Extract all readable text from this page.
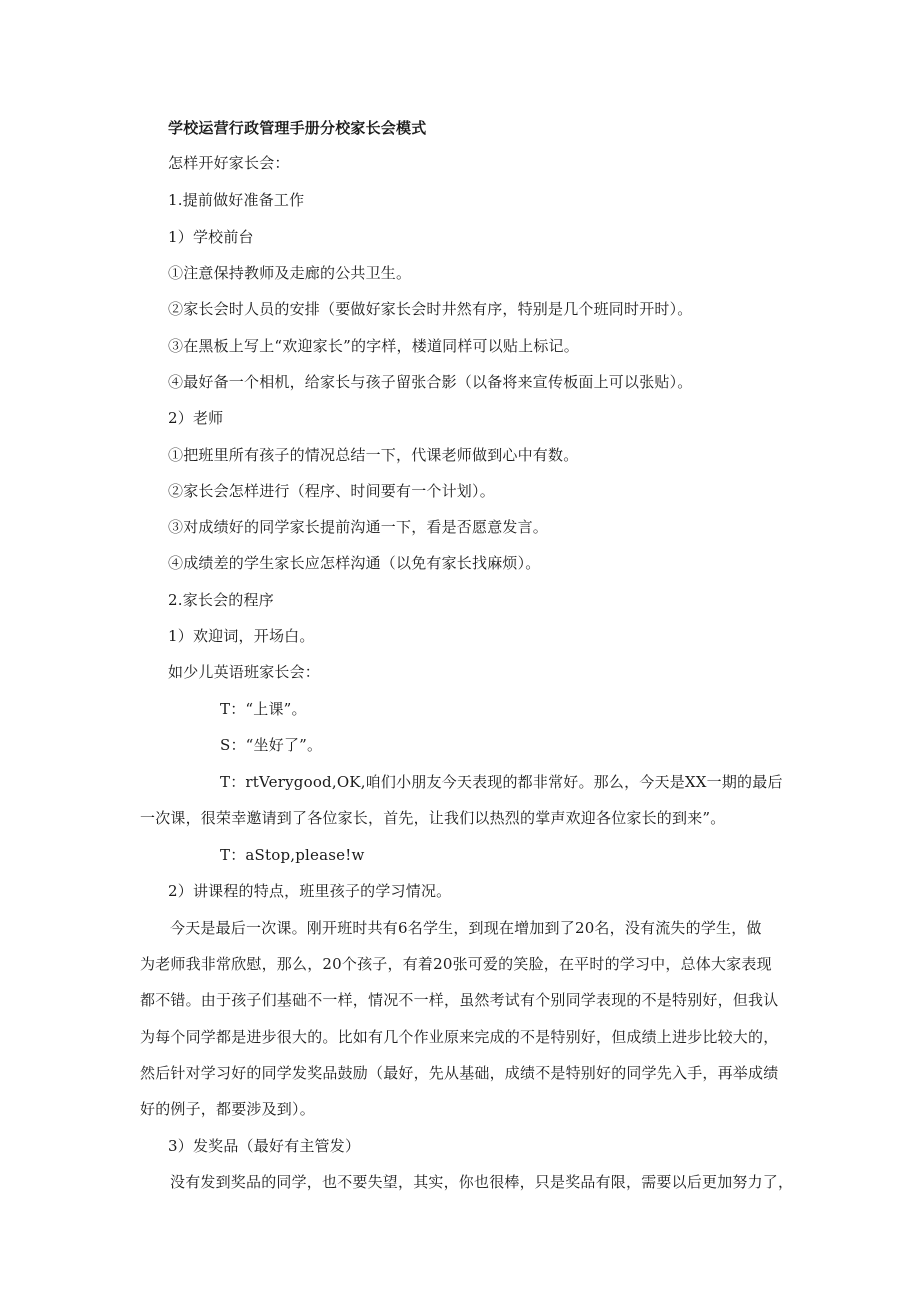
学校运营行政管理手册分校家长会模式
怎样开好家长会：
1.提前做好准备工作
1）学校前台
①注意保持教师及走廊的公共卫生。
②家长会时人员的安排（要做好家长会时井然有序，特别是几个班同时开时）。
③在黑板上写上“欢迎家长”的字样，楼道同样可以贴上标记。
④最好备一个相机，给家长与孩子留张合影（以备将来宣传板面上可以张贴）。
2）老师
①把班里所有孩子的情况总结一下，代课老师做到心中有数。
②家长会怎样进行（程序、时间要有一个计划）。
③对成绩好的同学家长提前沟通一下，看是否愿意发言。
④成绩差的学生家长应怎样沟通（以免有家长找麻烦）。
2.家长会的程序
1）欢迎词，开场白。
如少儿英语班家长会：
T：“上课”。
S：“坐好了”。
T：rtVerygood,OK,咱们小朋友今天表现的都非常好。那么，今天是XX一期的最后
一次课，很荣幸邀请到了各位家长，首先，让我们以热烈的掌声欢迎各位家长的到来”。
T：aStop,please!w
2）讲课程的特点，班里孩子的学习情况。
今天是最后一次课。刚开班时共有6名学生，到现在增加到了20名，没有流失的学生，做
为老师我非常欣慰，那么，20个孩子，有着20张可爱的笑脸，在平时的学习中，总体大家表现
都不错。由于孩子们基础不一样，情况不一样，虽然考试有个别同学表现的不是特别好，但我认
为每个同学都是进步很大的。比如有几个作业原来完成的不是特别好，但成绩上进步比较大的，
然后针对学习好的同学发奖品鼓励（最好，先从基础，成绩不是特别好的同学先入手，再举成绩
好的例子，都要涉及到）。
3）发奖品（最好有主管发）
没有发到奖品的同学，也不要失望，其实，你也很棒，只是奖品有限，需要以后更加努力了，
